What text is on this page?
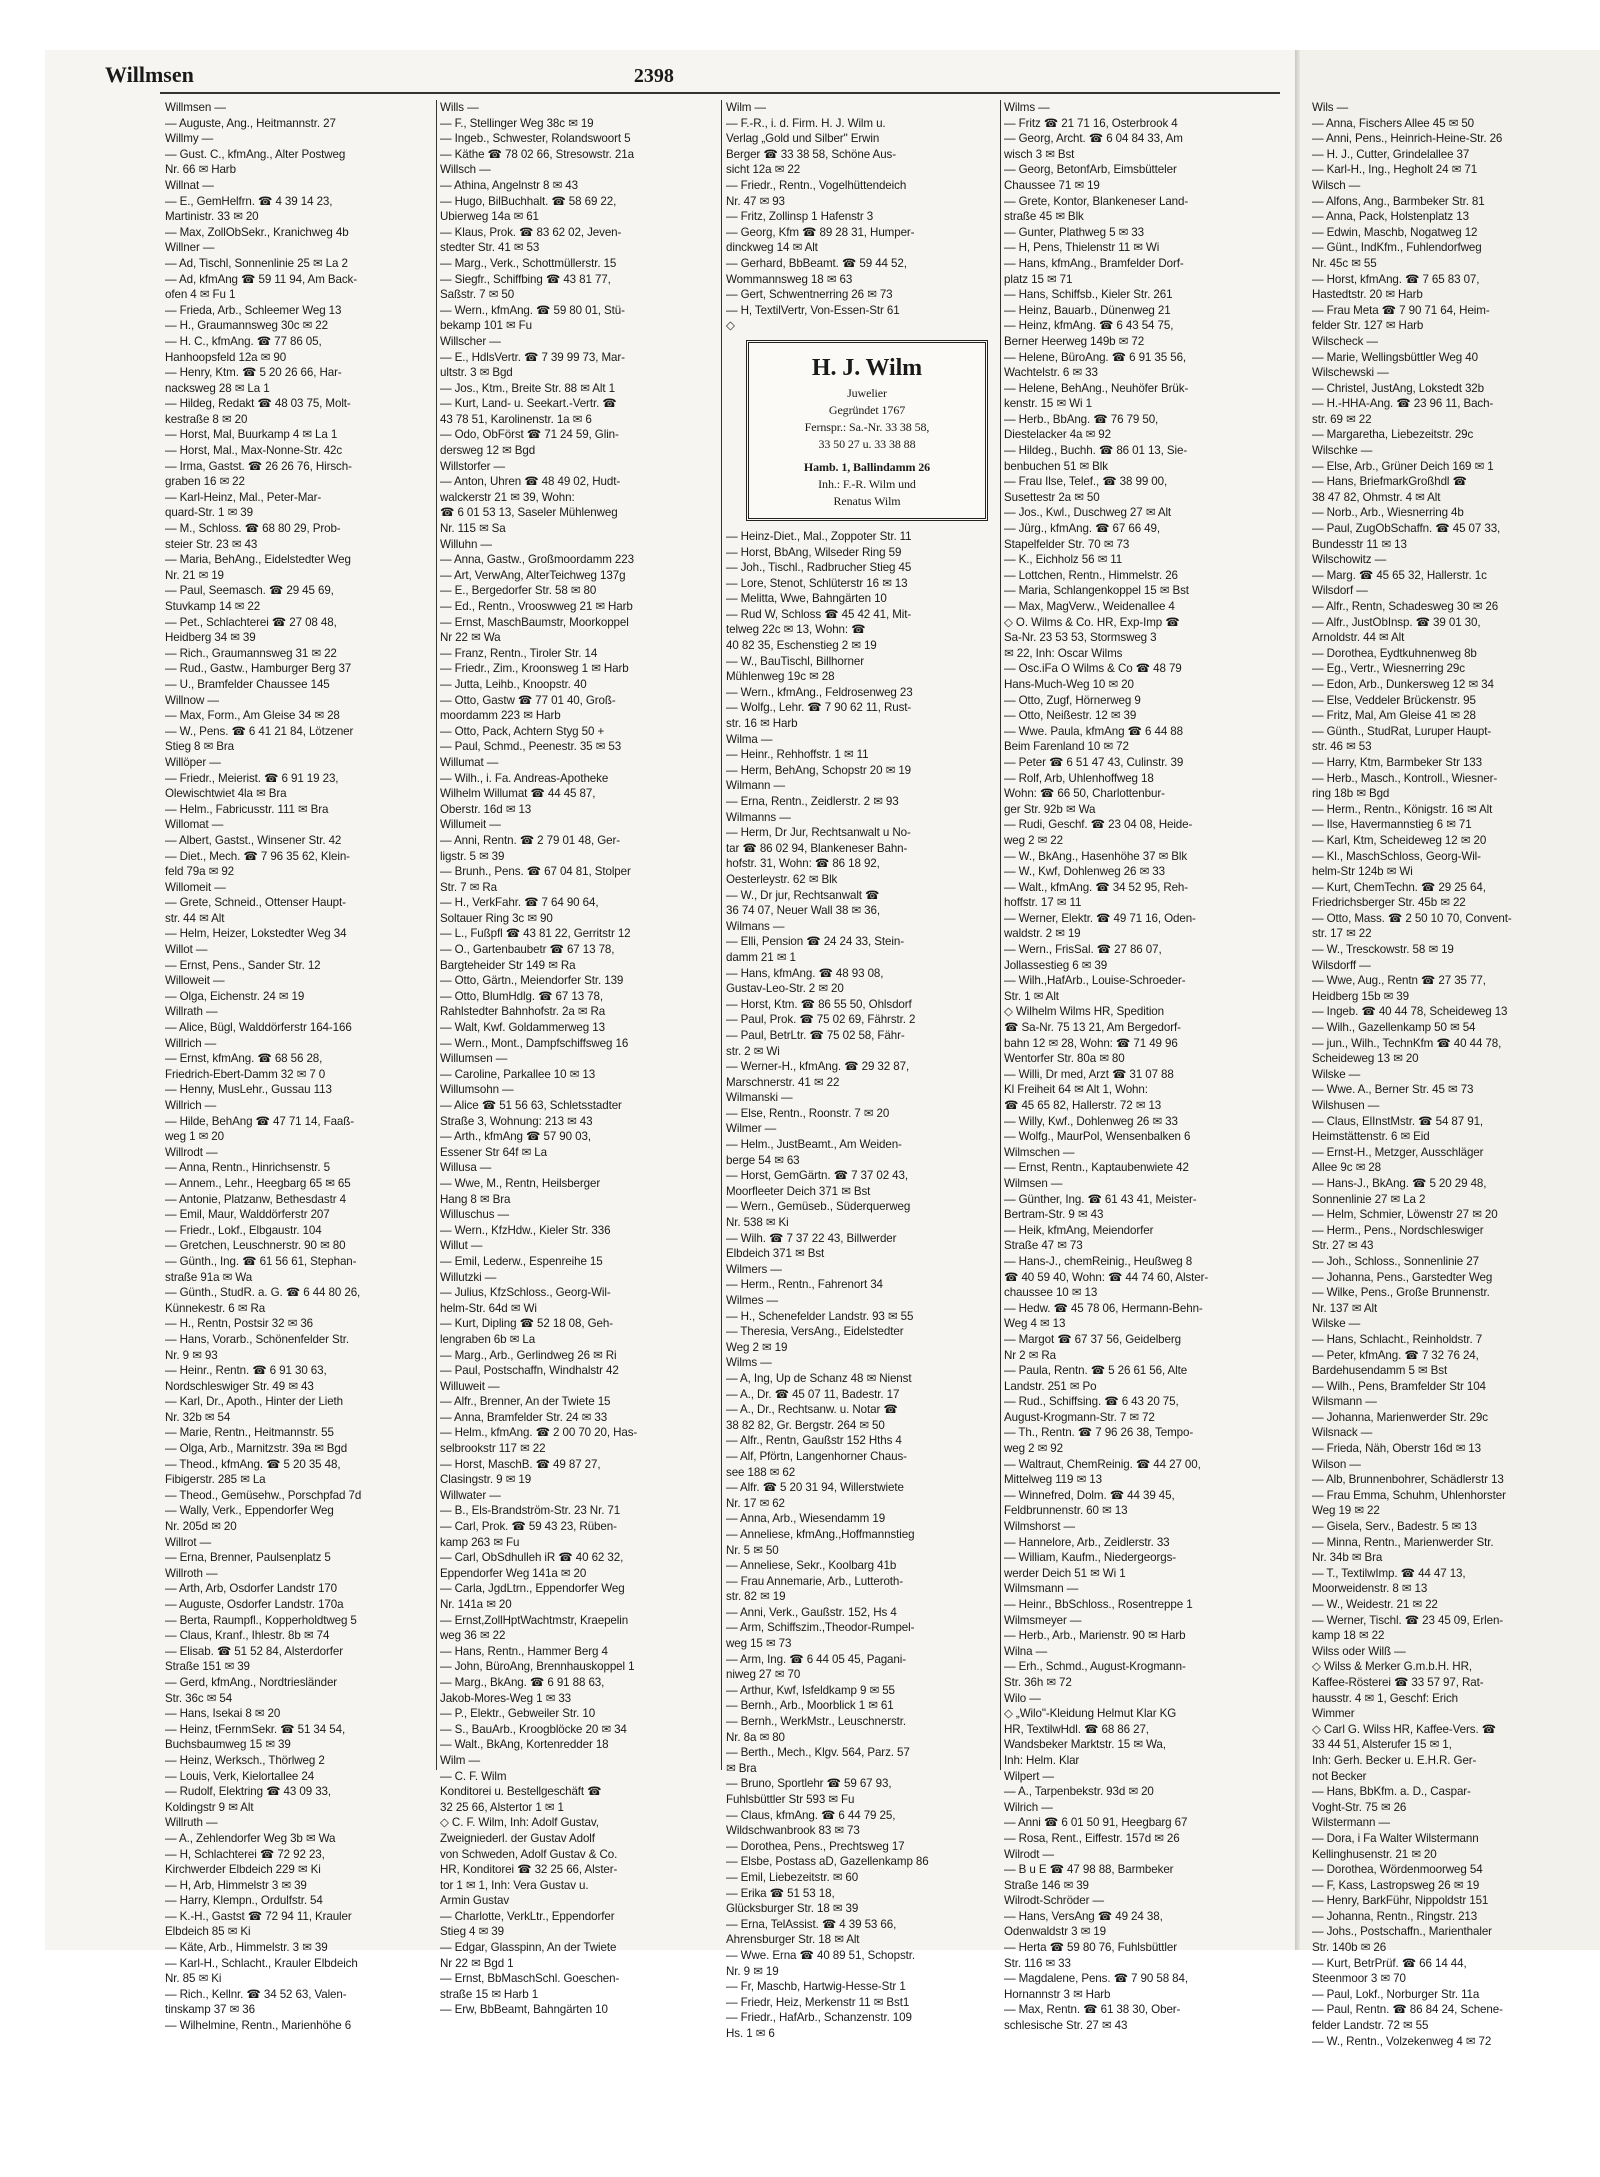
Willmsen	2398
Willmsen —
— Auguste, Ang., Heitmannstr. 27
Willmy —
— Gust. C., kfmAng., Alter Postweg
Nr. 66 ✉ Harb
Willnat —
— E., GemHelfrn. ☎ 4 39 14 23,
Martinistr. 33 ✉ 20
— Max, ZollObSekr., Kranichweg 4b
Willner —
— Ad, Tischl, Sonnenlinie 25 ✉ La 2
— Ad, kfmAng ☎ 59 11 94, Am Back-
ofen 4 ✉ Fu 1
— Frieda, Arb., Schleemer Weg 13
— H., Graumannsweg 30c ✉ 22
— H. C., kfmAng. ☎ 77 86 05,
Hanhoopsfeld 12a ✉ 90
— Henry, Ktm. ☎ 5 20 26 66, Har-
nacksweg 28 ✉ La 1
— Hildeg, Redakt ☎ 48 03 75, Molt-
kestraße 8 ✉ 20
— Horst, Mal, Buurkamp 4 ✉ La 1
— Horst, Mal., Max-Nonne-Str. 42c
— Irma, Gastst. ☎ 26 26 76, Hirsch-
graben 16 ✉ 22
— Karl-Heinz, Mal., Peter-Mar-
quard-Str. 1 ✉ 39
— M., Schloss. ☎ 68 80 29, Prob-
steier Str. 23 ✉ 43
— Maria, BehAng., Eidelstedter Weg
Nr. 21 ✉ 19
— Paul, Seemasch. ☎ 29 45 69,
Stuvkamp 14 ✉ 22
— Pet., Schlachterei ☎ 27 08 48,
Heidberg 34 ✉ 39
— Rich., Graumannsweg 31 ✉ 22
— Rud., Gastw., Hamburger Berg 37
— U., Bramfelder Chaussee 145
Willnow —
— Max, Form., Am Gleise 34 ✉ 28
— W., Pens. ☎ 6 41 21 84, Lötzener
Stieg 8 ✉ Bra
Willöper —
— Friedr., Meierist. ☎ 6 91 19 23,
Olewischtwiet 4la ✉ Bra
— Helm., Fabricusstr. 111 ✉ Bra
Willomat —
— Albert, Gastst., Winsener Str. 42
— Diet., Mech. ☎ 7 96 35 62, Klein-
feld 79a ✉ 92
Willomeit —
— Grete, Schneid., Ottenser Haupt-
str. 44 ✉ Alt
— Helm, Heizer, Lokstedter Weg 34
Willot —
— Ernst, Pens., Sander Str. 12
Willoweit —
— Olga, Eichenstr. 24 ✉ 19
Willrath —
— Alice, Bügl, Walddörferstr 164-166
Willrich —
— Ernst, kfmAng. ☎ 68 56 28,
Friedrich-Ebert-Damm 32 ✉ 7 0
— Henny, MusLehr., Gussau 113
Willrich —
— Hilde, BehAng ☎ 47 71 14, Faaß-
weg 1 ✉ 20
Willrodt —
— Anna, Rentn., Hinrichsenstr. 5
— Annem., Lehr., Heegbarg 65 ✉ 65
— Antonie, Platzanw, Bethesdastr 4
— Emil, Maur, Walddörferstr 207
— Friedr., Lokf., Elbgaustr. 104
— Gretchen, Leuschnerstr. 90 ✉ 80
— Günth., Ing. ☎ 61 56 61, Stephan-
straße 91a ✉ Wa
— Günth., StudR. a. G. ☎ 6 44 80 26,
Künnekestr. 6 ✉ Ra
— H., Rentn, Postsir 32 ✉ 36
— Hans, Vorarb., Schönenfelder Str.
Nr. 9 ✉ 93
— Heinr., Rentn. ☎ 6 91 30 63,
Nordschleswiger Str. 49 ✉ 43
— Karl, Dr., Apoth., Hinter der Lieth
Nr. 32b ✉ 54
— Marie, Rentn., Heitmannstr. 55
— Olga, Arb., Marnitzstr. 39a ✉ Bgd
— Theod., kfmAng. ☎ 5 20 35 48,
Fibigerstr. 285 ✉ La
— Theod., Gemüsehw., Porschpfad 7d
— Wally, Verk., Eppendorfer Weg
Nr. 205d ✉ 20
Willrot —
— Erna, Brenner, Paulsenplatz 5
Willroth —
— Arth, Arb, Osdorfer Landstr 170
— Auguste, Osdorfer Landstr. 170a
— Berta, Raumpfl., Kopperholdtweg 5
— Claus, Kranf., Ihlestr. 8b ✉ 74
— Elisab. ☎ 51 52 84, Alsterdorfer
Straße 151 ✉ 39
— Gerd, kfmAng., Nordtriesländer
Str. 36c ✉ 54
— Hans, Isekai 8 ✉ 20
— Heinz, tFernmSekr. ☎ 51 34 54,
Buchsbaumweg 15 ✉ 39
— Heinz, Werksch., Thörlweg 2
— Louis, Verk, Kielortallee 24
— Rudolf, Elektring ☎ 43 09 33,
Koldingstr 9 ✉ Alt
Willruth —
— A., Zehlendorfer Weg 3b ✉ Wa
— H, Schlachterei ☎ 72 92 23,
Kirchwerder Elbdeich 229 ✉ Ki
— H, Arb, Himmelstr 3 ✉ 39
— Harry, Klempn., Ordulfstr. 54
— K.-H., Gastst ☎ 72 94 11, Krauler
Elbdeich 85 ✉ Ki
— Käte, Arb., Himmelstr. 3 ✉ 39
— Karl-H., Schlacht., Krauler Elbdeich
Nr. 85 ✉ Ki
— Rich., Kellnr. ☎ 34 52 63, Valen-
tinskamp 37 ✉ 36
— Wilhelmine, Rentn., Marienhöhe 6
Wills —
— F., Stellinger Weg 38c ✉ 19
— Ingeb., Schwester, Rolandswoort 5
— Käthe ☎ 78 02 66, Stresowstr. 21a
Willsch —
— Athina, Angelnstr 8 ✉ 43
— Hugo, BilBuchhalt. ☎ 58 69 22,
Ubierweg 14a ✉ 61
— Klaus, Prok. ☎ 83 62 02, Jeven-
stedter Str. 41 ✉ 53
— Marg., Verk., Schottmüllerstr. 15
— Siegfr., Schiffbing ☎ 43 81 77,
Saßstr. 7 ✉ 50
— Wern., kfmAng. ☎ 59 80 01, Stü-
bekamp 101 ✉ Fu
Willscher —
— E., HdlsVertr. ☎ 7 39 99 73, Mar-
ultstr. 3 ✉ Bgd
— Jos., Ktm., Breite Str. 88 ✉ Alt 1
— Kurt, Land- u. Seekart.-Vertr. ☎
43 78 51, Karolinenstr. 1a ✉ 6
— Odo, ObFörst ☎ 71 24 59, Glin-
dersweg 12 ✉ Bgd
Willstorfer —
— Anton, Uhren ☎ 48 49 02, Hudt-
walckerstr 21 ✉ 39, Wohn:
☎ 6 01 53 13, Saseler Mühlenweg
Nr. 115 ✉ Sa
Willuhn —
— Anna, Gastw., Großmoordamm 223
— Art, VerwAng, AlterTeichweg 137g
— E., Bergedorfer Str. 58 ✉ 80
— Ed., Rentn., Vrooswweg 21 ✉ Harb
— Ernst, MaschBaumstr, Moorkoppel
Nr 22 ✉ Wa
— Franz, Rentn., Tiroler Str. 14
— Friedr., Zim., Kroonsweg 1 ✉ Harb
— Jutta, Leihb., Knoopstr. 40
— Otto, Gastw ☎ 77 01 40, Groß-
moordamm 223 ✉ Harb
— Otto, Pack, Achtern Styg 50 +
— Paul, Schmd., Peenestr. 35 ✉ 53
Willumat —
— Wilh., i. Fa. Andreas-Apotheke
Wilhelm Willumat ☎ 44 45 87,
Oberstr. 16d ✉ 13
Willumeit —
— Anni, Rentn. ☎ 2 79 01 48, Ger-
ligstr. 5 ✉ 39
— Brunh., Pens. ☎ 67 04 81, Stolper
Str. 7 ✉ Ra
— H., VerkFahr. ☎ 7 64 90 64,
Soltauer Ring 3c ✉ 90
— L., Fußpfl ☎ 43 81 22, Gerritstr 12
— O., Gartenbaubetr ☎ 67 13 78,
Bargteheider Str 149 ✉ Ra
— Otto, Gärtn., Meiendorfer Str. 139
— Otto, BlumHdlg. ☎ 67 13 78,
Rahlstedter Bahnhofstr. 2a ✉ Ra
— Walt, Kwf. Goldammerweg 13
— Wern., Mont., Dampfschiffsweg 16
Willumsen —
— Caroline, Parkallee 10 ✉ 13
Willumsohn —
— Alice ☎ 51 56 63, Schletsstadter
Straße 3, Wohnung: 213 ✉ 43
— Arth., kfmAng ☎ 57 90 03,
Essener Str 64f ✉ La
Willusa —
— Wwe, M., Rentn, Heilsberger
Hang 8 ✉ Bra
Willuschus —
— Wern., KfzHdw., Kieler Str. 336
Willut —
— Emil, Lederw., Espenreihe 15
Willutzki —
— Julius, KfzSchloss., Georg-Wil-
helm-Str. 64d ✉ Wi
— Kurt, Dipling ☎ 52 18 08, Geh-
lengraben 6b ✉ La
— Marg., Arb., Gerlindweg 26 ✉ Ri
— Paul, Postschaffn, Windhalstr 42
Willuweit —
— Alfr., Brenner, An der Twiete 15
— Anna, Bramfelder Str. 24 ✉ 33
— Helm., kfmAng. ☎ 2 00 70 20, Has-
selbrookstr 117 ✉ 22
— Horst, MaschB. ☎ 49 87 27,
Clasingstr. 9 ✉ 19
Willwater —
— B., Els-Brandström-Str. 23 Nr. 71
— Carl, Prok. ☎ 59 43 23, Rüben-
kamp 263 ✉ Fu
— Carl, ObSdhulleh iR ☎ 40 62 32,
Eppendorfer Weg 141a ✉ 20
— Carla, JgdLtrn., Eppendorfer Weg
Nr. 141a ✉ 20
— Ernst,ZollHptWachtmstr, Kraepelin
weg 36 ✉ 22
— Hans, Rentn., Hammer Berg 4
— John, BüroAng, Brennhauskoppel 1
— Marg., BkAng. ☎ 6 91 88 63,
Jakob-Mores-Weg 1 ✉ 33
— P., Elektr., Gebweiler Str. 10
— S., BauArb., Kroogblöcke 20 ✉ 34
— Walt., BkAng, Kortenredder 18
Wilm —
— C. F. Wilm
Konditorei u. Bestellgeschäft ☎
32 25 66, Alstertor 1 ✉ 1
◇ C. F. Wilm, Inh: Adolf Gustav,
Zweigniederl. der Gustav Adolf
von Schweden, Adolf Gustav & Co.
HR, Konditorei ☎ 32 25 66, Alster-
tor 1 ✉ 1, Inh: Vera Gustav u.
Armin Gustav
— Charlotte, VerkLtr., Eppendorfer
Stieg 4 ✉ 39
— Edgar, Glasspinn, An der Twiete
Nr 22 ✉ Bgd 1
— Ernst, BbMaschSchl. Goeschen-
straße 15 ✉ Harb 1
— Erw, BbBeamt, Bahngärten 10
Wilm —
— F.-R., i. d. Firm. H. J. Wilm u.
Verlag „Gold und Silber" Erwin
Berger ☎ 33 38 58, Schöne Aus-
sicht 12a ✉ 22
— Friedr., Rentn., Vogelhüttendeich
Nr. 47 ✉ 93
— Fritz, Zollinsp 1 Hafenstr 3
— Georg, Kfm ☎ 89 28 31, Humper-
dinckweg 14 ✉ Alt
— Gerhard, BbBeamt. ☎ 59 44 52,
Wommannsweg 18 ✉ 63
— Gert, Schwentnerring 26 ✉ 73
— H, TextilVertr, Von-Essen-Str 61
◇
H. J. Wilm
Juwelier
Gegründet 1767
Fernspr.: Sa.-Nr. 33 38 58,
33 50 27 u. 33 38 88
Hamb. 1, Ballindamm 26
Inh.: F.-R. Wilm und
Renatus Wilm
— Heinz-Diet., Mal., Zoppoter Str. 11
— Horst, BbAng, Wilseder Ring 59
— Joh., Tischl., Radbrucher Stieg 45
— Lore, Stenot, Schlüterstr 16 ✉ 13
— Melitta, Wwe, Bahngärten 10
— Rud W, Schloss ☎ 45 42 41, Mit-
telweg 22c ✉ 13, Wohn: ☎
40 82 35, Eschenstieg 2 ✉ 19
— W., BauTischl, Billhorner
Mühlenweg 19c ✉ 28
— Wern., kfmAng., Feldrosenweg 23
— Wolfg., Lehr. ☎ 7 90 62 11, Rust-
str. 16 ✉ Harb
Wilma —
— Heinr., Rehhoffstr. 1 ✉ 11
— Herm, BehAng, Schopstr 20 ✉ 19
Wilmann —
— Erna, Rentn., Zeidlerstr. 2 ✉ 93
Wilmanns —
— Herm, Dr Jur, Rechtsanwalt u No-
tar ☎ 86 02 94, Blankeneser Bahn-
hofstr. 31, Wohn: ☎ 86 18 92,
Oesterleystr. 62 ✉ Blk
— W., Dr jur, Rechtsanwalt ☎
36 74 07, Neuer Wall 38 ✉ 36,
Wilmans —
— Elli, Pension ☎ 24 24 33, Stein-
damm 21 ✉ 1
— Hans, kfmAng. ☎ 48 93 08,
Gustav-Leo-Str. 2 ✉ 20
— Horst, Ktm. ☎ 86 55 50, Ohlsdorf
— Paul, Prok. ☎ 75 02 69, Fährstr. 2
— Paul, BetrLtr. ☎ 75 02 58, Fähr-
str. 2 ✉ Wi
— Werner-H., kfmAng. ☎ 29 32 87,
Marschnerstr. 41 ✉ 22
Wilmanski —
— Else, Rentn., Roonstr. 7 ✉ 20
Wilmer —
— Helm., JustBeamt., Am Weiden-
berge 54 ✉ 63
— Horst, GemGärtn. ☎ 7 37 02 43,
Moorfleeter Deich 371 ✉ Bst
— Wern., Gemüseb., Süderquerweg
Nr. 538 ✉ Ki
— Wilh. ☎ 7 37 22 43, Billwerder
Elbdeich 371 ✉ Bst
Wilmers —
— Herm., Rentn., Fahrenort 34
Wilmes —
— H., Schenefelder Landstr. 93 ✉ 55
— Theresia, VersAng., Eidelstedter
Weg 2 ✉ 19
Wilms —
— A, Ing, Up de Schanz 48 ✉ Nienst
— A., Dr. ☎ 45 07 11, Badestr. 17
— A., Dr., Rechtsanw. u. Notar ☎
38 82 82, Gr. Bergstr. 264 ✉ 50
— Alfr., Rentn, Gaußstr 152 Hths 4
— Alf, Pförtn, Langenhorner Chaus-
see 188 ✉ 62
— Alfr. ☎ 5 20 31 94, Willerstwiete
Nr. 17 ✉ 62
— Anna, Arb., Wiesendamm 19
— Anneliese, kfmAng.,Hoffmannstieg
Nr. 5 ✉ 50
— Anneliese, Sekr., Koolbarg 41b
— Frau Annemarie, Arb., Lutteroth-
str. 82 ✉ 19
— Anni, Verk., Gaußstr. 152, Hs 4
— Arm, Schiffszim.,Theodor-Rumpel-
weg 15 ✉ 73
— Arm, Ing. ☎ 6 44 05 45, Pagani-
niweg 27 ✉ 70
— Arthur, Kwf, Isfeldkamp 9 ✉ 55
— Bernh., Arb., Moorblick 1 ✉ 61
— Bernh., WerkMstr., Leuschnerstr.
Nr. 8a ✉ 80
— Berth., Mech., Klgv. 564, Parz. 57
✉ Bra
— Bruno, Sportlehr ☎ 59 67 93,
Fuhlsbüttler Str 593 ✉ Fu
— Claus, kfmAng. ☎ 6 44 79 25,
Wildschwanbrook 83 ✉ 73
— Dorothea, Pens., Prechtsweg 17
— Elsbe, Postass aD, Gazellenkamp 86
— Emil, Liebezeitstr. ✉ 60
— Erika ☎ 51 53 18,
Glücksburger Str. 18 ✉ 39
— Erna, TelAssist. ☎ 4 39 53 66,
Ahrensburger Str. 18 ✉ Alt
— Wwe. Erna ☎ 40 89 51, Schopstr.
Nr. 9 ✉ 19
— Fr, Maschb, Hartwig-Hesse-Str 1
— Friedr, Heiz, Merkenstr 11 ✉ Bst1
— Friedr., HafArb., Schanzenstr. 109
Hs. 1 ✉ 6
Wilms —
— Fritz ☎ 21 71 16, Osterbrook 4
— Georg, Archt. ☎ 6 04 84 33, Am
wisch 3 ✉ Bst
— Georg, BetonfArb, Eimsbütteler
Chaussee 71 ✉ 19
— Grete, Kontor, Blankeneser Land-
straße 45 ✉ Blk
— Gunter, Plathweg 5 ✉ 33
— H, Pens, Thielenstr 11 ✉ Wi
— Hans, kfmAng., Bramfelder Dorf-
platz 15 ✉ 71
— Hans, Schiffsb., Kieler Str. 261
— Heinz, Bauarb., Dünenweg 21
— Heinz, kfmAng. ☎ 6 43 54 75,
Berner Heerweg 149b ✉ 72
— Helene, BüroAng. ☎ 6 91 35 56,
Wachtelstr. 6 ✉ 33
— Helene, BehAng., Neuhöfer Brük-
kenstr. 15 ✉ Wi 1
— Herb., BbAng. ☎ 76 79 50,
Diestelacker 4a ✉ 92
— Hildeg., Buchh. ☎ 86 01 13, Sie-
benbuchen 51 ✉ Blk
— Frau Ilse, Telef., ☎ 38 99 00,
Susettestr 2a ✉ 50
— Jos., Kwl., Duschweg 27 ✉ Alt
— Jürg., kfmAng. ☎ 67 66 49,
Stapelfelder Str. 70 ✉ 73
— K., Eichholz 56 ✉ 11
— Lottchen, Rentn., Himmelstr. 26
— Maria, Schlangenkoppel 15 ✉ Bst
— Max, MagVerw., Weidenallee 4
◇ O. Wilms & Co. HR, Exp-Imp ☎
Sa-Nr. 23 53 53, Stormsweg 3
✉ 22, Inh: Oscar Wilms
— Osc.iFa O Wilms & Co ☎ 48 79
Hans-Much-Weg 10 ✉ 20
— Otto, Zugf, Hörnerweg 9
— Otto, Neißestr. 12 ✉ 39
— Wwe. Paula, kfmAng ☎ 6 44 88
Beim Farenland 10 ✉ 72
— Peter ☎ 6 51 47 43, Culinstr. 39
— Rolf, Arb, Uhlenhoffweg 18
Wohn: ☎ 66 50, Charlottenbur-
ger Str. 92b ✉ Wa
— Rudi, Geschf. ☎ 23 04 08, Heide-
weg 2 ✉ 22
— W., BkAng., Hasenhöhe 37 ✉ Blk
— W., Kwf, Dohlenweg 26 ✉ 33
— Walt., kfmAng. ☎ 34 52 95, Reh-
hoffstr. 17 ✉ 11
— Werner, Elektr. ☎ 49 71 16, Oden-
waldstr. 2 ✉ 19
— Wern., FrisSal. ☎ 27 86 07,
Jollassestieg 6 ✉ 39
— Wilh.,HafArb., Louise-Schroeder-
Str. 1 ✉ Alt
◇ Wilhelm Wilms HR, Spedition
☎ Sa-Nr. 75 13 21, Am Bergedorf-
bahn 12 ✉ 28, Wohn: ☎ 71 49 96
Wentorfer Str. 80a ✉ 80
— Willi, Dr med, Arzt ☎ 31 07 88
Kl Freiheit 64 ✉ Alt 1, Wohn:
☎ 45 65 82, Hallerstr. 72 ✉ 13
— Willy, Kwf., Dohlenweg 26 ✉ 33
— Wolfg., MaurPol, Wensenbalken 6
Wilmschen —
— Ernst, Rentn., Kaptaubenwiete 42
Wilmsen —
— Günther, Ing. ☎ 61 43 41, Meister-
Bertram-Str. 9 ✉ 43
— Heik, kfmAng, Meiendorfer
Straße 47 ✉ 73
— Hans-J., chemReinig., Heußweg 8
☎ 40 59 40, Wohn: ☎ 44 74 60, Alster-
chaussee 10 ✉ 13
— Hedw. ☎ 45 78 06, Hermann-Behn-
Weg 4 ✉ 13
— Margot ☎ 67 37 56, Geidelberg
Nr 2 ✉ Ra
— Paula, Rentn. ☎ 5 26 61 56, Alte
Landstr. 251 ✉ Po
— Rud., Schiffsing. ☎ 6 43 20 75,
August-Krogmann-Str. 7 ✉ 72
— Th., Rentn. ☎ 7 96 26 38, Tempo-
weg 2 ✉ 92
— Waltraut, ChemReinig. ☎ 44 27 00,
Mittelweg 119 ✉ 13
— Winnefred, Dolm. ☎ 44 39 45,
Feldbrunnenstr. 60 ✉ 13
Wilmshorst —
— Hannelore, Arb., Zeidlerstr. 33
— William, Kaufm., Niedergeorgs-
werder Deich 51 ✉ Wi 1
Wilmsmann —
— Heinr., BbSchloss., Rosentreppe 1
Wilmsmeyer —
— Herb., Arb., Marienstr. 90 ✉ Harb
Wilna —
— Erh., Schmd., August-Krogmann-
Str. 36h ✉ 72
Wilo —
◇ „Wilo"-Kleidung Helmut Klar KG
HR, TextilwHdl. ☎ 68 86 27,
Wandsbeker Marktstr. 15 ✉ Wa,
Inh: Helm. Klar
Wilpert —
— A., Tarpenbekstr. 93d ✉ 20
Wilrich —
— Anni ☎ 6 01 50 91, Heegbarg 67
— Rosa, Rent., Eiffestr. 157d ✉ 26
Wilrodt —
— B u E ☎ 47 98 88, Barmbeker
Straße 146 ✉ 39
Wilrodt-Schröder —
— Hans, VersAng ☎ 49 24 38,
Odenwaldstr 3 ✉ 19
— Herta ☎ 59 80 76, Fuhlsbüttler
Str. 116 ✉ 33
— Magdalene, Pens. ☎ 7 90 58 84,
Hornannstr 3 ✉ Harb
— Max, Rentn. ☎ 61 38 30, Ober-
schlesische Str. 27 ✉ 43
Wils —
— Anna, Fischers Allee 45 ✉ 50
— Anni, Pens., Heinrich-Heine-Str. 26
— H. J., Cutter, Grindelallee 37
— Karl-H., Ing., Hegholt 24 ✉ 71
Wilsch —
— Alfons, Ang., Barmbeker Str. 81
— Anna, Pack, Holstenplatz 13
— Edwin, Maschb, Nogatweg 12
— Günt., IndKfm., Fuhlendorfweg
Nr. 45c ✉ 55
— Horst, kfmAng. ☎ 7 65 83 07,
Hastedtstr. 20 ✉ Harb
— Frau Meta ☎ 7 90 71 64, Heim-
felder Str. 127 ✉ Harb
Wilscheck —
— Marie, Wellingsbüttler Weg 40
Wilschewski —
— Christel, JustAng, Lokstedt 32b
— H.-HHA-Ang. ☎ 23 96 11, Bach-
str. 69 ✉ 22
— Margaretha, Liebezeitstr. 29c
Wilschke —
— Else, Arb., Grüner Deich 169 ✉ 1
— Hans, BriefmarkGroßhdl ☎
38 47 82, Ohmstr. 4 ✉ Alt
— Norb., Arb., Wiesnerring 4b
— Paul, ZugObSchaffn. ☎ 45 07 33,
Bundesstr 11 ✉ 13
Wilschowitz —
— Marg. ☎ 45 65 32, Hallerstr. 1c
Wilsdorf —
— Alfr., Rentn, Schadesweg 30 ✉ 26
— Alfr., JustObInsp. ☎ 39 01 30,
Arnoldstr. 44 ✉ Alt
— Dorothea, Eydtkuhnenweg 8b
— Eg., Vertr., Wiesnerring 29c
— Edon, Arb., Dunkersweg 12 ✉ 34
— Else, Veddeler Brückenstr. 95
— Fritz, Mal, Am Gleise 41 ✉ 28
— Günth., StudRat, Luruper Haupt-
str. 46 ✉ 53
— Harry, Ktm, Barmbeker Str 133
— Herb., Masch., Kontroll., Wiesner-
ring 18b ✉ Bgd
— Herm., Rentn., Königstr. 16 ✉ Alt
— Ilse, Havermannstieg 6 ✉ 71
— Karl, Ktm, Scheideweg 12 ✉ 20
— Kl., MaschSchloss, Georg-Wil-
helm-Str 124b ✉ Wi
— Kurt, ChemTechn. ☎ 29 25 64,
Friedrichsberger Str. 45b ✉ 22
— Otto, Mass. ☎ 2 50 10 70, Convent-
str. 17 ✉ 22
— W., Tresckowstr. 58 ✉ 19
Wilsdorff —
— Wwe, Aug., Rentn ☎ 27 35 77,
Heidberg 15b ✉ 39
— Ingeb. ☎ 40 44 78, Scheideweg 13
— Wilh., Gazellenkamp 50 ✉ 54
— jun., Wilh., TechnKfm ☎ 40 44 78,
Scheideweg 13 ✉ 20
Wilske —
— Wwe. A., Berner Str. 45 ✉ 73
Wilshusen —
— Claus, ElInstMstr. ☎ 54 87 91,
Heimstättenstr. 6 ✉ Eid
— Ernst-H., Metzger, Ausschläger
Allee 9c ✉ 28
— Hans-J., BkAng. ☎ 5 20 29 48,
Sonnenlinie 27 ✉ La 2
— Helm, Schmier, Löwenstr 27 ✉ 20
— Herm., Pens., Nordschleswiger
Str. 27 ✉ 43
— Joh., Schloss., Sonnenlinie 27
— Johanna, Pens., Garstedter Weg
— Wilke, Pens., Große Brunnenstr.
Nr. 137 ✉ Alt
Wilske —
— Hans, Schlacht., Reinholdstr. 7
— Peter, kfmAng. ☎ 7 32 76 24,
Bardehusendamm 5 ✉ Bst
— Wilh., Pens, Bramfelder Str 104
Wilsmann —
— Johanna, Marienwerder Str. 29c
Wilsnack —
— Frieda, Näh, Oberstr 16d ✉ 13
Wilson —
— Alb, Brunnenbohrer, Schädlerstr 13
— Frau Emma, Schuhm, Uhlenhorster
Weg 19 ✉ 22
— Gisela, Serv., Badestr. 5 ✉ 13
— Minna, Rentn., Marienwerder Str.
Nr. 34b ✉ Bra
— T., TextilwImp. ☎ 44 47 13,
Moorweidenstr. 8 ✉ 13
— W., Weidestr. 21 ✉ 22
— Werner, Tischl. ☎ 23 45 09, Erlen-
kamp 18 ✉ 22
Wilss oder Wilß —
◇ Wilss & Merker G.m.b.H. HR,
Kaffee-Rösterei ☎ 33 57 97, Rat-
hausstr. 4 ✉ 1, Geschf: Erich
Wimmer
◇ Carl G. Wilss HR, Kaffee-Vers. ☎
33 44 51, Alsterufer 15 ✉ 1,
Inh: Gerh. Becker u. E.H.R. Ger-
not Becker
— Hans, BbKfm. a. D., Caspar-
Voght-Str. 75 ✉ 26
Wilstermann —
— Dora, i Fa Walter Wilstermann
Kellinghusenstr. 21 ✉ 20
— Dorothea, Wördenmoorweg 54
— F, Kass, Lastropsweg 26 ✉ 19
— Henry, BarkFühr, Nippoldstr 151
— Johanna, Rentn., Ringstr. 213
— Johs., Postschaffn., Marienthaler
Str. 140b ✉ 26
— Kurt, BetrPrüf. ☎ 66 14 44,
Steenmoor 3 ✉ 70
— Paul, Lokf., Norburger Str. 11a
— Paul, Rentn. ☎ 86 84 24, Schene-
felder Landstr. 72 ✉ 55
— W., Rentn., Volzekenweg 4 ✉ 72
